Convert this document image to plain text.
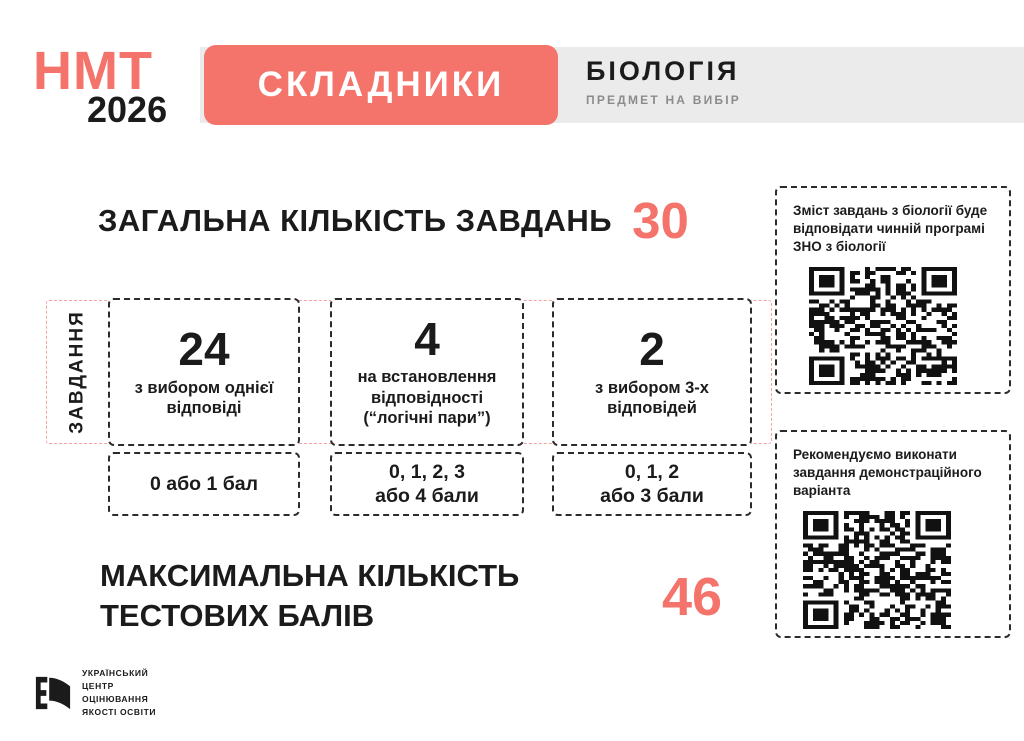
НМТ
2026
СКЛАДНИКИ	БІОЛОГІЯ
ПРЕДМЕТ НА ВИБІР
ЗАГАЛЬНА КІЛЬКІСТЬ ЗАВДАНЬ 30
ЗАВДАННЯ 24
з вибором однієї
відповіді
0 або 1 бал
4
на встановлення
відповідності
(“логічні пари”)
0, 1, 2, 3
або 4 бали
2
з вибором 3-х
відповідей
0, 1, 2
або 3 бали
МАКСИМАЛЬНА КІЛЬКІСТЬ ТЕСТОВИХ БАЛІВ	46
Зміст завдань з біології буде відповідати чинній програмі ЗНО з біології
Рекомендуємо виконати завдання демонстраційного варіанта
УКРАЇНСЬКИЙ
ЦЕНТР
ОЦІНЮВАННЯ
ЯКОСТІ ОСВІТИ
